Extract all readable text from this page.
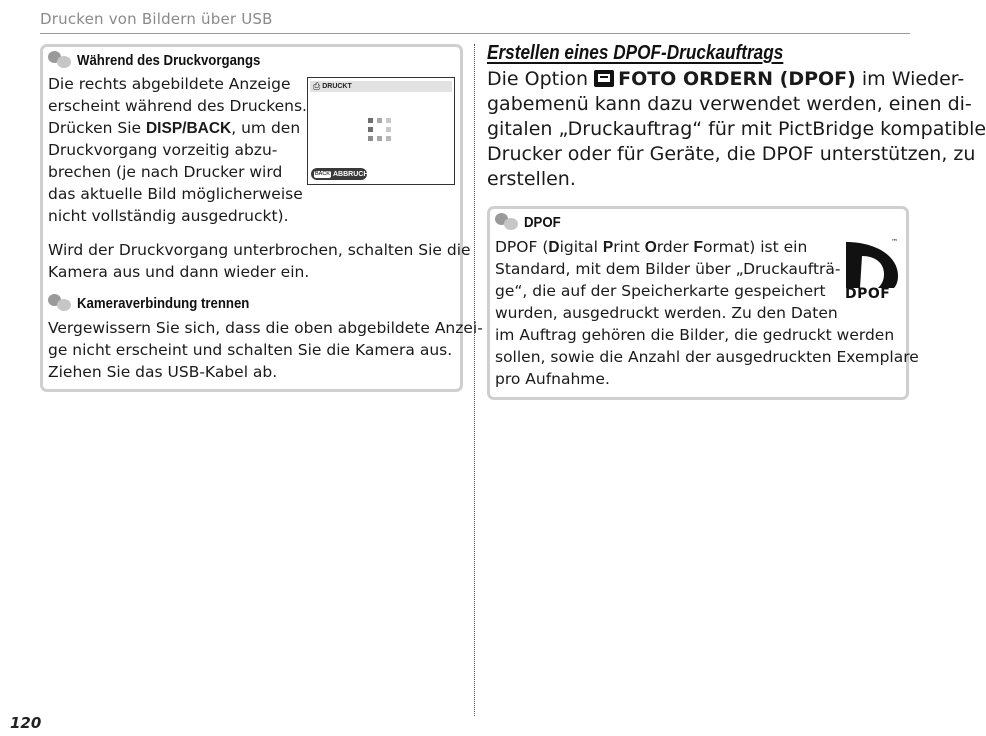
Drucken von Bildern über USB
120
Während des Druckvorgangs
Die rechts abgebildete Anzeige
erscheint während des Druckens.
Drücken Sie DISP/BACK, um den
Druckvorgang vorzeitig abzu-
brechen (je nach Drucker wird
das aktuelle Bild möglicherweise
nicht vollständig ausgedruckt).
⎙ DRUCKT
BACK ABBRUCH
Wird der Druckvorgang unterbrochen, schalten Sie die
Kamera aus und dann wieder ein.
Kameraverbindung trennen
Vergewissern Sie sich, dass die oben abgebildete Anzei-
ge nicht erscheint und schalten Sie die Kamera aus.
Ziehen Sie das USB-Kabel ab.
Erstellen eines DPOF-Druckauftrags
Die Option
FOTO ORDERN (DPOF) im Wieder-
gabemenü kann dazu verwendet werden, einen di-
gitalen „Druckauftrag“ für mit PictBridge kompatible
Drucker oder für Geräte, die DPOF unterstützen, zu
erstellen.
DPOF
DPOF (Digital Print Order Format) ist ein
Standard, mit dem Bilder über „Druckaufträ-
ge“, die auf der Speicherkarte gespeichert
wurden, ausgedruckt werden. Zu den Daten
im Auftrag gehören die Bilder, die gedruckt werden
sollen, sowie die Anzahl der ausgedruckten Exemplare
pro Aufnahme.
™
DPOF
